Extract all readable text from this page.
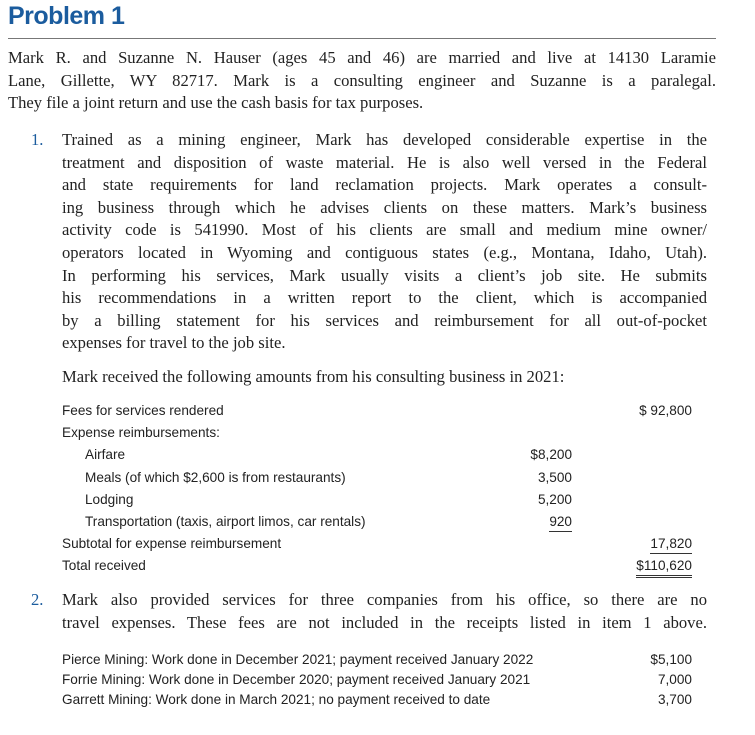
Problem 1
Mark R. and Suzanne N. Hauser (ages 45 and 46) are married and live at 14130 Laramie
Lane, Gillette, WY 82717. Mark is a consulting engineer and Suzanne is a paralegal.
They file a joint return and use the cash basis for tax purposes.
1. Trained as a mining engineer, Mark has developed considerable expertise in the
treatment and disposition of waste material. He is also well versed in the Federal
and state requirements for land reclamation projects. Mark operates a consult-
ing business through which he advises clients on these matters. Mark’s business
activity code is 541990. Most of his clients are small and medium mine owner/
operators located in Wyoming and contiguous states (e.g., Montana, Idaho, Utah).
In performing his services, Mark usually visits a client’s job site. He submits
his recommendations in a written report to the client, which is accompanied
by a billing statement for his services and reimbursement for all out-of-pocket
expenses for travel to the job site.
Mark received the following amounts from his consulting business in 2021:
Fees for services rendered	$ 92,800
Expense reimbursements:
Airfare	$8,200
Meals (of which $2,600 is from restaurants)	3,500
Lodging	5,200
Transportation (taxis, airport limos, car rentals)	920
Subtotal for expense reimbursement	17,820
Total received	$110,620
2. Mark also provided services for three companies from his office, so there are no
travel expenses. These fees are not included in the receipts listed in item 1 above.
Pierce Mining: Work done in December 2021; payment received January 2022	$5,100
Forrie Mining: Work done in December 2020; payment received January 2021	7,000
Garrett Mining: Work done in March 2021; no payment received to date	3,700
